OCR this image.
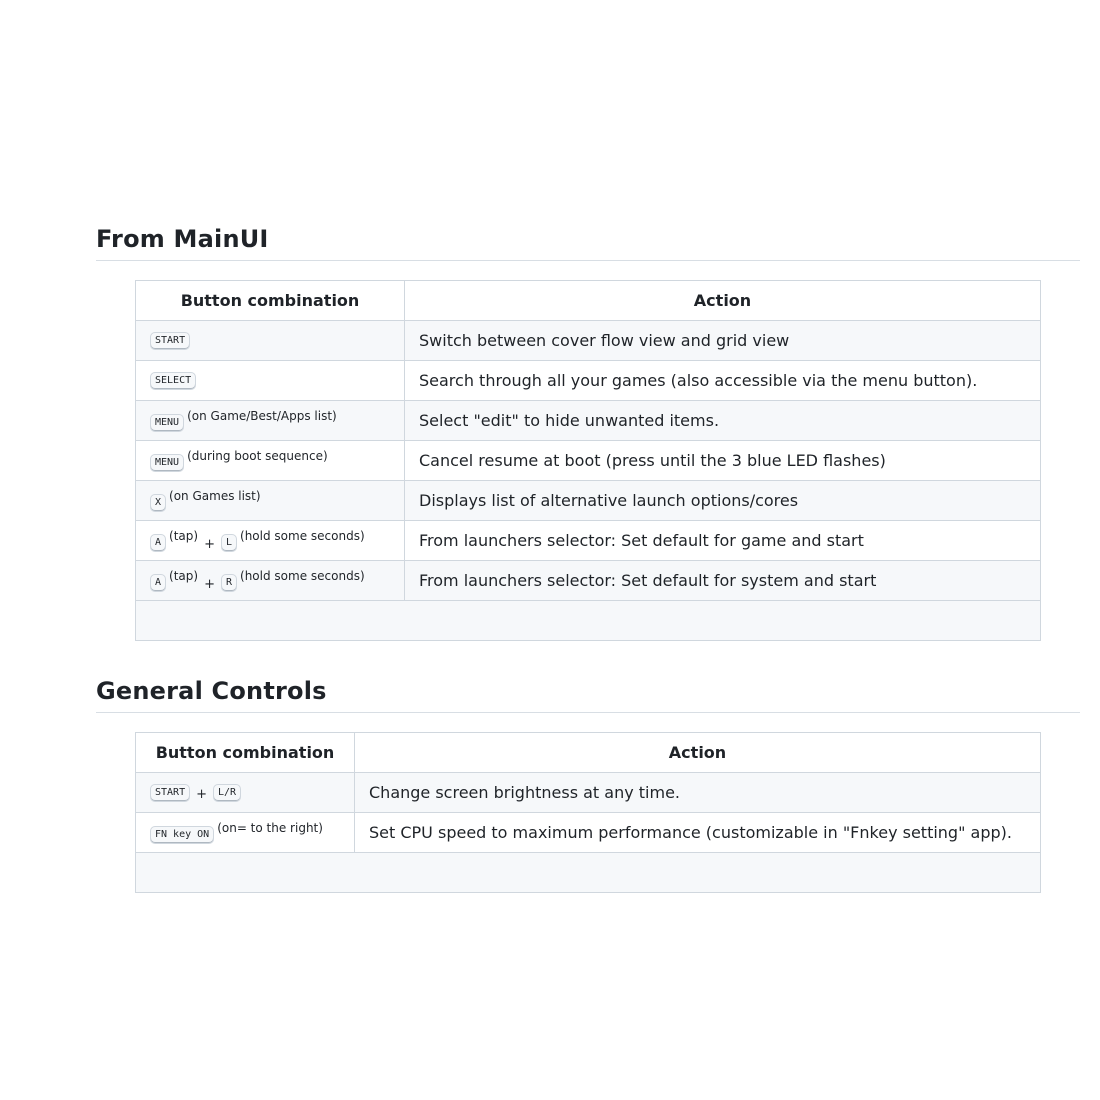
From MainUI
Button combination	Action
START	Switch between cover flow view and grid view
SELECT	Search through all your games (also accessible via the menu button).
MENU $^{(on Game/Best/Apps list)}$	Select "edit" to hide unwanted items.
MENU $^{(during boot sequence)}$	Cancel resume at boot (press until the 3 blue LED flashes)
X $^{(on Games list)}$	Displays list of alternative launch options/cores
A $^{(tap)}$+ L $^{(hold some seconds)}$	From launchers selector: Set default for game and start
A $^{(tap)}$+ R $^{(hold some seconds)}$	From launchers selector: Set default for system and start

General Controls
Button combination	Action
START + L/R	Change screen brightness at any time.
FN key ON $^{(on= to the right)}$	Set CPU speed to maximum performance (customizable in "Fnkey setting" app).
